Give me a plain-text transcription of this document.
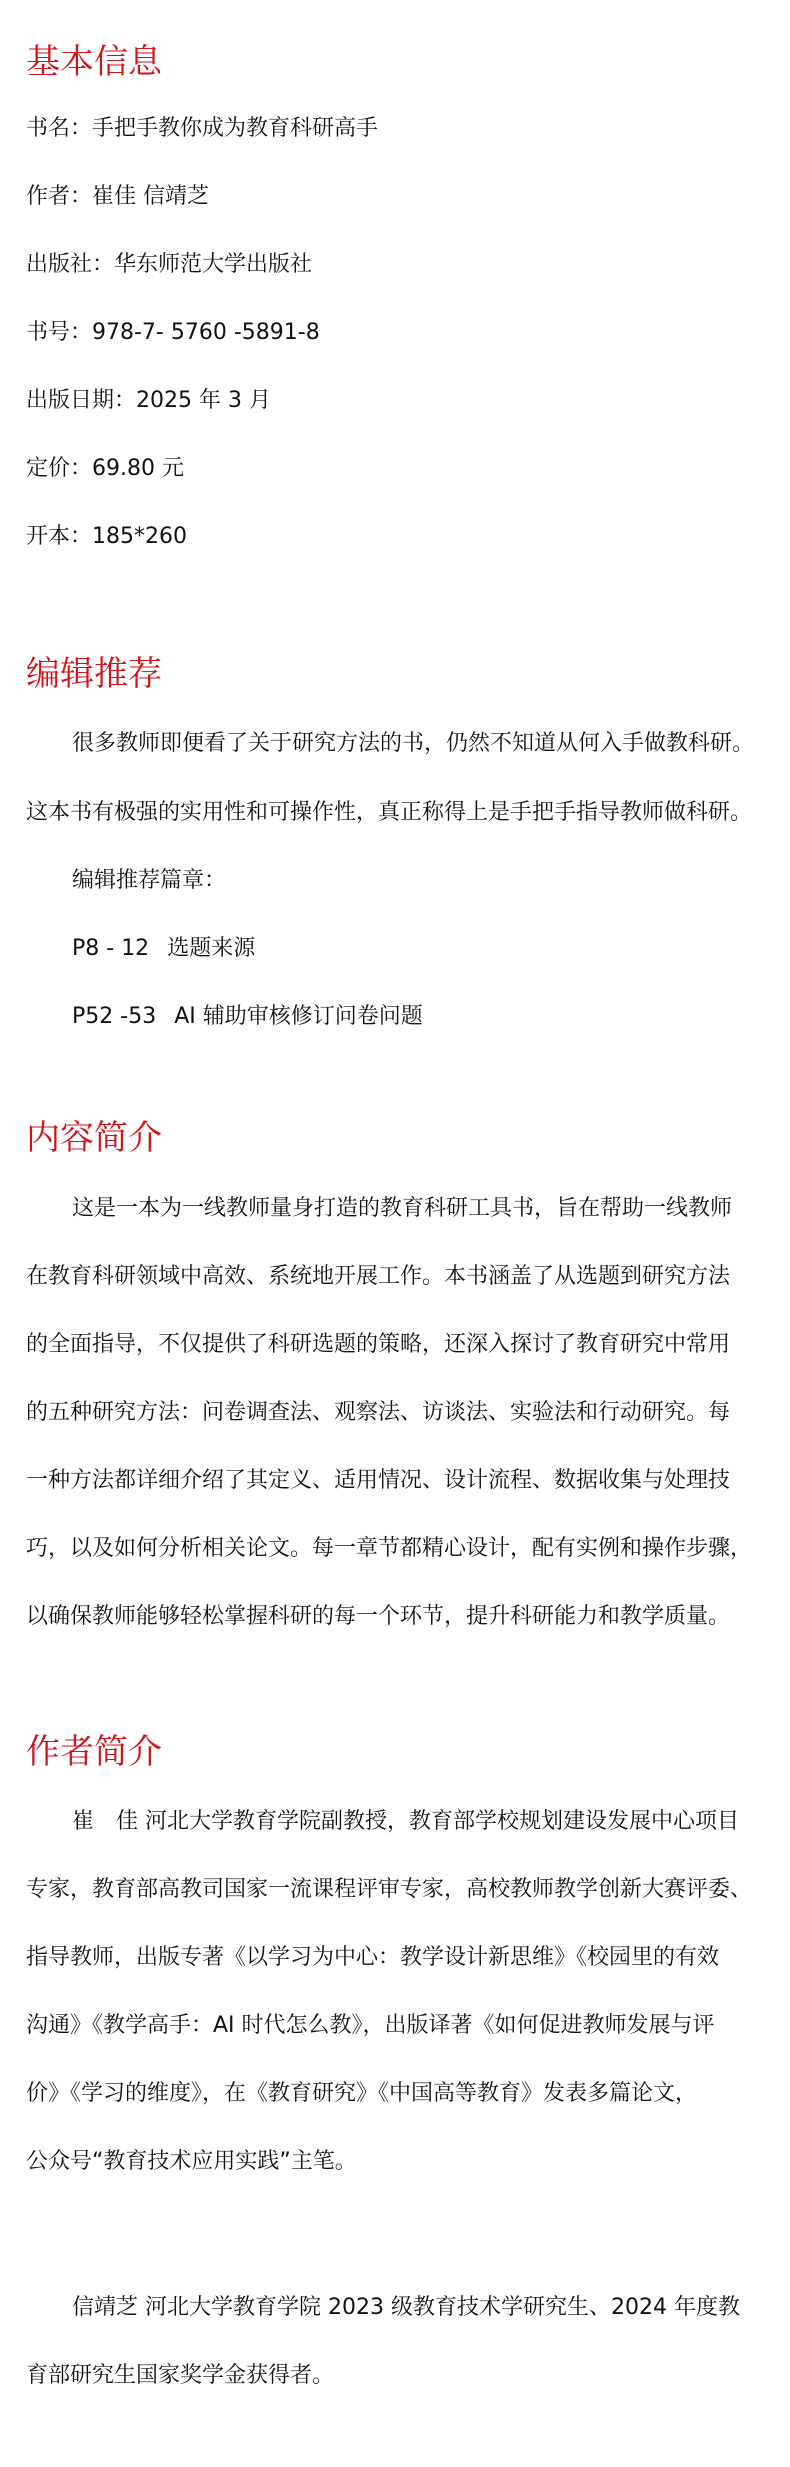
基本信息
书名：手把手教你成为教育科研高手
作者：崔佳 信靖芝
出版社：华东师范大学出版社
书号：978-7- 5760 -5891-8
出版日期：2025 年 3 月
定价：69.80 元
开本：185*260
编辑推荐
很多教师即便看了关于研究方法的书，仍然不知道从何入手做教科研。
这本书有极强的实用性和可操作性，真正称得上是手把手指导教师做科研。
编辑推荐篇章：
P8 - 12 选题来源
P52 -53 AI 辅助审核修订问卷问题
内容简介
这是一本为一线教师量身打造的教育科研工具书，旨在帮助一线教师
在教育科研领域中高效、系统地开展工作。本书涵盖了从选题到研究方法
的全面指导，不仅提供了科研选题的策略，还深入探讨了教育研究中常用
的五种研究方法：问卷调查法、观察法、访谈法、实验法和行动研究。每
一种方法都详细介绍了其定义、适用情况、设计流程、数据收集与处理技
巧，以及如何分析相关论文。每一章节都精心设计，配有实例和操作步骤，
以确保教师能够轻松掌握科研的每一个环节，提升科研能力和教学质量。
作者简介
崔　佳 河北大学教育学院副教授，教育部学校规划建设发展中心项目
专家，教育部高教司国家一流课程评审专家，高校教师教学创新大赛评委、
指导教师，出版专著《以学习为中心：教学设计新思维》《校园里的有效
沟通》《教学高手：AI 时代怎么教》，出版译著《如何促进教师发展与评
价》《学习的维度》，在《教育研究》《中国高等教育》发表多篇论文，
公众号“教育技术应用实践”主笔。
信靖芝 河北大学教育学院 2023 级教育技术学研究生、2024 年度教
育部研究生国家奖学金获得者。
